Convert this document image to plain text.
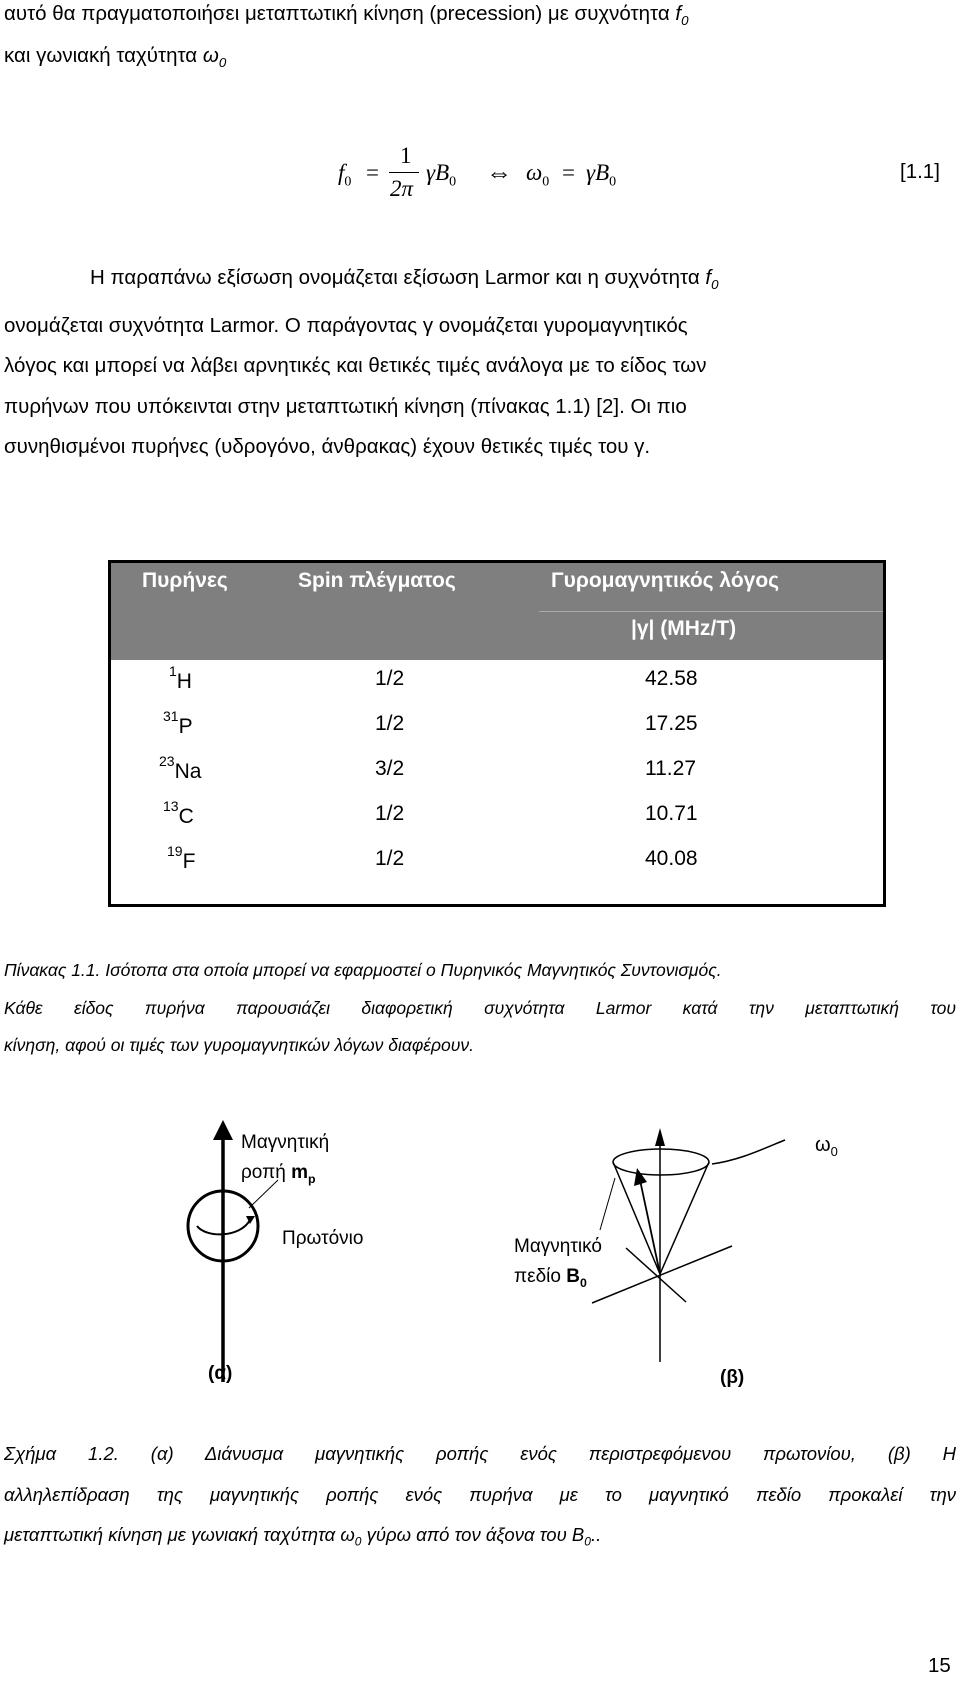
αυτό θα πραγματοποιήσει μεταπτωτική κίνηση (precession) με συχνότητα $f_0$
και γωνιακή ταχύτητα $\omega_0$
$f_0$ =
1
2π
$\gamma B_0$ ⇔ $\omega_0 = \gamma B_0$	[1.1]
Η παραπάνω εξίσωση ονομάζεται εξίσωση Larmor και η συχνότητα $f_0$
ονομάζεται συχνότητα Larmor. Ο παράγοντας γ ονομάζεται γυρομαγνητικός
λόγος και μπορεί να λάβει αρνητικές και θετικές τιμές ανάλογα με το είδος των
πυρήνων που υπόκεινται στην μεταπτωτική κίνηση (πίνακας 1.1) [2]. Οι πιο
συνηθισμένοι πυρήνες (υδρογόνο, άνθρακας) έχουν θετικές τιμές του γ.
Πυρήνες	Spin πλέγματος	Γυρομαγνητικός λόγος
|γ| (MHz/T)
$^1$H	1/2	42.58
$^{31}$P	1/2	17.25
$^{23}$Na	3/2	11.27
$^{13}$C	1/2	10.71
$^{19}$F	1/2	40.08
Πίνακας 1.1. Ισότοπα στα οποία μπορεί να εφαρμοστεί ο Πυρηνικός Μαγνητικός Συντονισμός.
Κάθε είδος πυρήνα παρουσιάζει διαφορετική συχνότητα Larmor κατά την μεταπτωτική του
κίνηση, αφού οι τιμές των γυρομαγνητικών λόγων διαφέρουν.
Μαγνητική
ροπή $m_p$
Πρωτόνιο
$\omega_0$
Μαγνητικό
πεδίο $B_0$
(α)	(β)
Σχήμα 1.2. (α) Διάνυσμα μαγνητικής ροπής ενός περιστρεφόμενου πρωτονίου, (β) Η
αλληλεπίδραση της μαγνητικής ροπής ενός πυρήνα με το μαγνητικό πεδίο προκαλεί την
μεταπτωτική κίνηση με γωνιακή ταχύτητα $\omega_0$ γύρω από τον άξονα του $B_0$..
15
